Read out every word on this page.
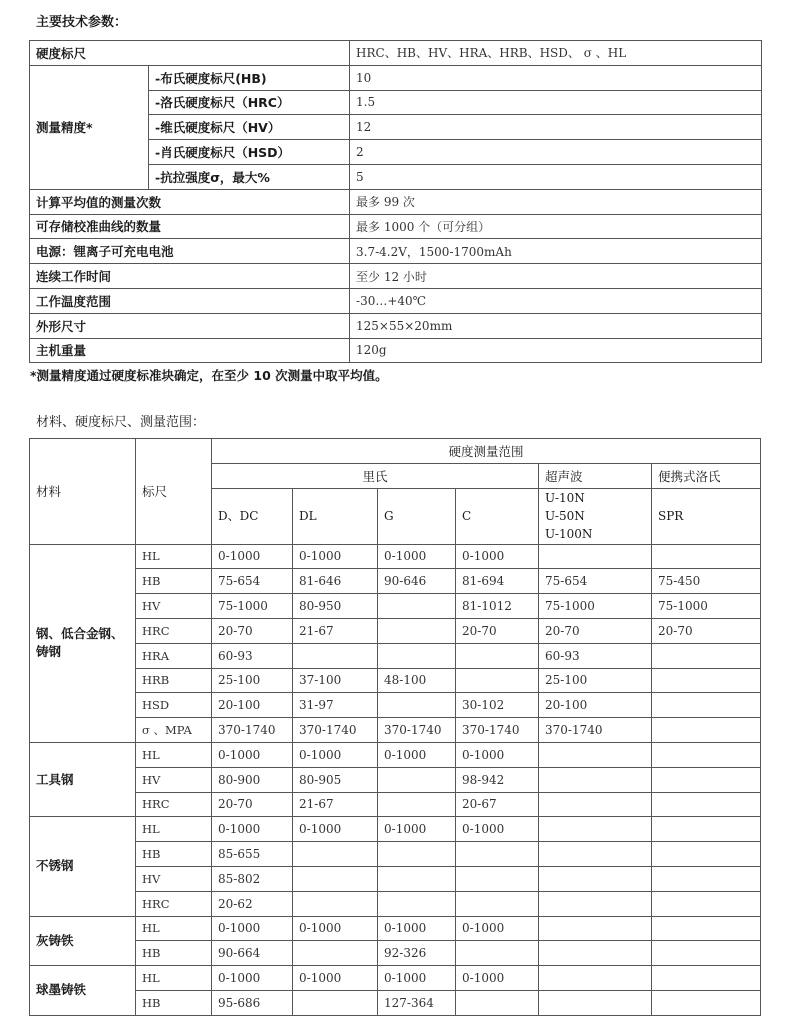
主要技术参数：
硬度标尺		HRC、HB、HV、HRA、HRB、HSD、 σ 、HL
测量精度*	-布氏硬度标尺(HB)	10
	-洛氏硬度标尺（HRC）	1.5
	-维氏硬度标尺（HV）	12
	-肖氏硬度标尺（HSD）	2
	-抗拉强度σ，最大%	5
计算平均值的测量次数		最多 99 次
可存储校准曲线的数量		最多 1000 个（可分组）
电源：锂离子可充电电池		3.7-4.2V，1500-1700mAh
连续工作时间		至少 12 小时
工作温度范围		-30…+40℃
外形尺寸		125×55×20mm
主机重量		120g
*测量精度通过硬度标准块确定，在至少 10 次测量中取平均值。
材料、硬度标尺、测量范围：
材料	标尺	硬度测量范围					
		里氏				超声波	便携式洛氏
		D、DC	DL	G	C	U-10N
U-50N
U-100N	SPR
钢、低合金钢、铸钢	HL	0-1000	0-1000	0-1000	0-1000		
	HB	75-654	81-646	90-646	81-694	75-654	75-450
	HV	75-1000	80-950		81-1012	75-1000	75-1000
	HRC	20-70	21-67		20-70	20-70	20-70
	HRA	60-93				60-93	
	HRB	25-100	37-100	48-100		25-100	
	HSD	20-100	31-97		30-102	20-100	
	σ 、MPA	370-1740	370-1740	370-1740	370-1740	370-1740	
工具钢	HL	0-1000	0-1000	0-1000	0-1000		
	HV	80-900	80-905		98-942		
	HRC	20-70	21-67		20-67		
不锈钢	HL	0-1000	0-1000	0-1000	0-1000		
	HB	85-655					
	HV	85-802					
	HRC	20-62					
灰铸铁	HL	0-1000	0-1000	0-1000	0-1000		
	HB	90-664		92-326			
球墨铸铁	HL	0-1000	0-1000	0-1000	0-1000		
	HB	95-686		127-364			
